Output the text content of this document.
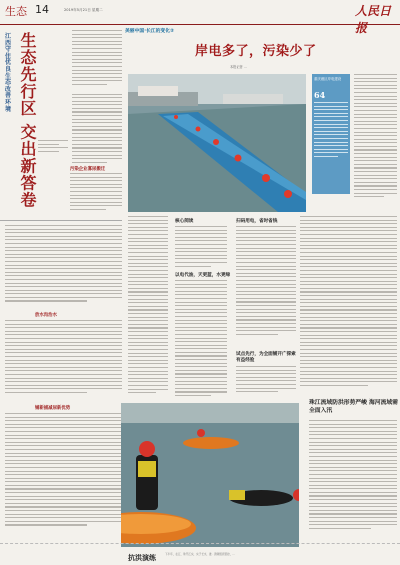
生态 14	2019年5月21日 星期二	人民日报
江西守住优良生态 改善环境 生态先行区 交出新答卷	污染企业寡尿搬迁
放水沟治水
铺新捕减尿新优势
美丽中国·长江的变化②
岸电多了，污染少了
本报记者 …
重庆港区岸电建设
64
核心阅读
以电代油，天更蓝，水更绿
扫码用电，省时省钱
试点先行，为全面铺开广探索有益经验
抗洪演练	下半年，在江、珠开江实，实于长水，推 · 测调组抓管控，…
珠江流域防洪形势严峻 海河流域需全面入汛
